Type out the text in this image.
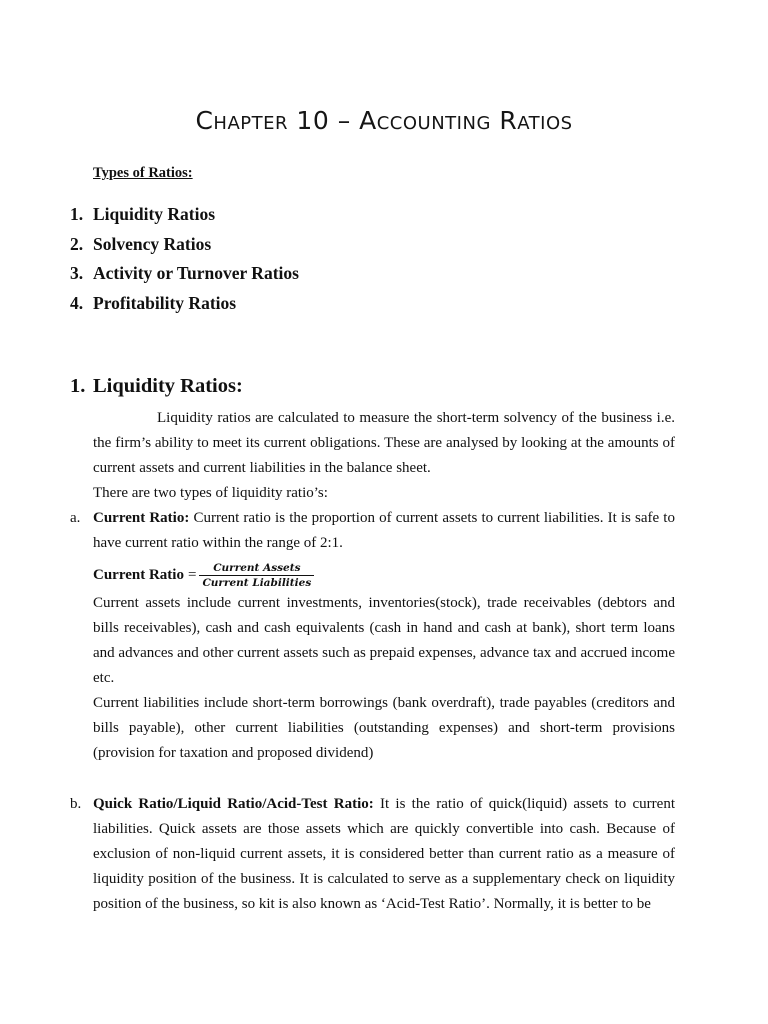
Chapter 10 – Accounting Ratios
Types of Ratios:
1. Liquidity Ratios
2. Solvency Ratios
3. Activity or Turnover Ratios
4. Profitability Ratios
1. Liquidity Ratios:

Liquidity ratios are calculated to measure the short-term solvency of the business i.e. the firm’s ability to meet its current obligations. These are analysed by looking at the amounts of current assets and current liabilities in the balance sheet.

There are two types of liquidity ratio’s:

a. Current Ratio: Current ratio is the proportion of current assets to current liabilities. It is safe to have current ratio within the range of 2:1.

Current Ratio = $\frac{\text{Current Assets}}{\text{Current Liabilities}}$

Current assets include current investments, inventories(stock), trade receivables (debtors and bills receivables), cash and cash equivalents (cash in hand and cash at bank), short term loans and advances and other current assets such as prepaid expenses, advance tax and accrued income etc.

Current liabilities include short-term borrowings (bank overdraft), trade payables (creditors and bills payable), other current liabilities (outstanding expenses) and short-term provisions (provision for taxation and proposed dividend)

b. Quick Ratio/Liquid Ratio/Acid-Test Ratio: It is the ratio of quick(liquid) assets to current liabilities. Quick assets are those assets which are quickly convertible into cash. Because of exclusion of non-liquid current assets, it is considered better than current ratio as a measure of liquidity position of the business. It is calculated to serve as a supplementary check on liquidity position of the business, so kit is also known as ‘Acid-Test Ratio’. Normally, it is better to be
